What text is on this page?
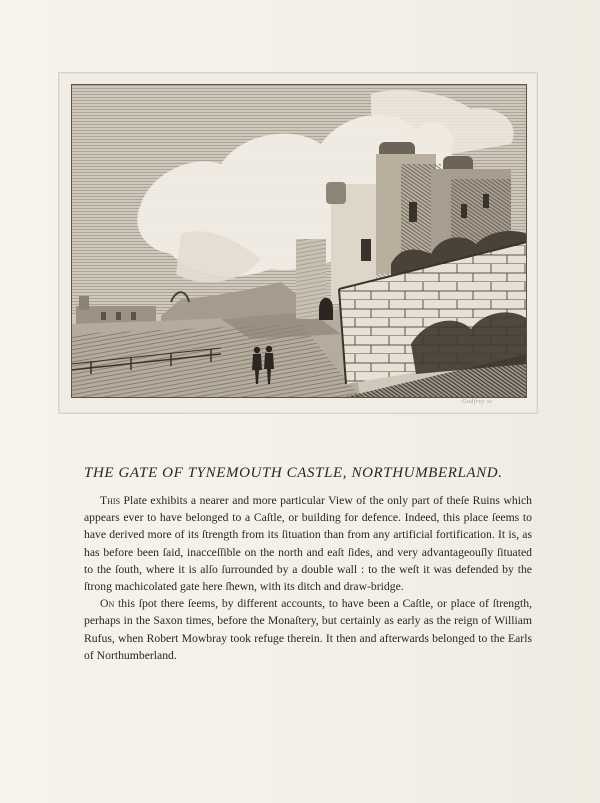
Godfrey sc
THE GATE OF TYNEMOUTH CASTLE, NORTHUMBERLAND.

This Plate exhibits a nearer and more particular View of the only part of theſe Ruins which appears ever to have belonged to a Caſtle, or building for defence. Indeed, this place ſeems to have derived more of its ſtrength from its ſituation than from any artificial fortification. It is, as has before been ſaid, inacceſſible on the north and eaſt ſides, and very advantageouſly ſituated to the ſouth, where it is alſo ſurrounded by a double wall : to the weſt it was defended by the ſtrong machicolated gate here ſhewn, with its ditch and draw-bridge.

On this ſpot there ſeems, by different accounts, to have been a Caſtle, or place of ſtrength, perhaps in the Saxon times, before the Monaſtery, but certainly as early as the reign of William Rufus, when Robert Mowbray took refuge therein. It then and afterwards belonged to the Earls of Northumberland.
